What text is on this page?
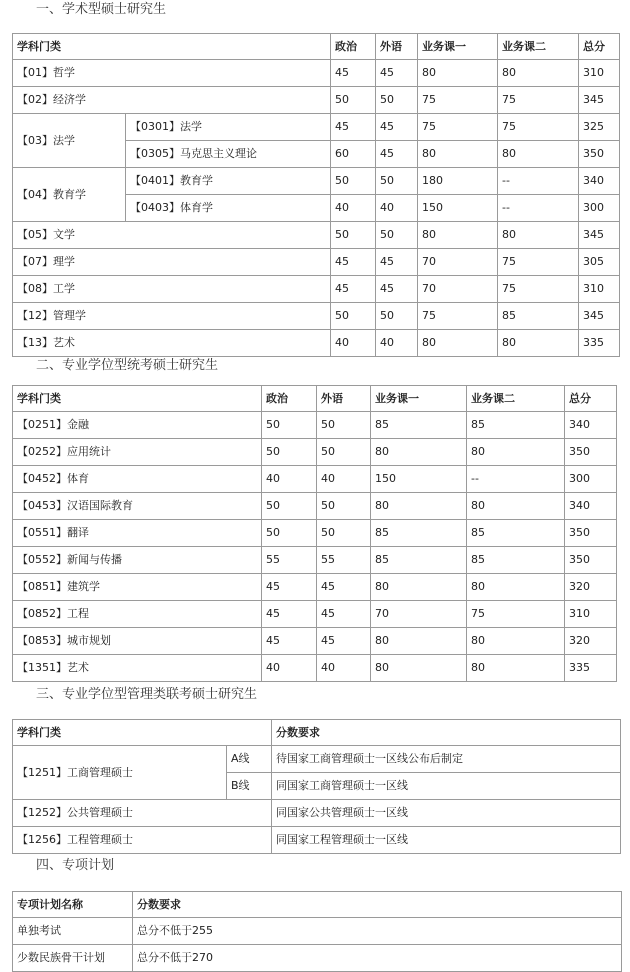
一、学术型硕士研究生
学科门类		政治	外语	业务课一	业务课二	总分
【01】哲学		45	45	80	80	310
【02】经济学		50	50	75	75	345
【03】法学	【0301】法学	45	45	75	75	325
	【0305】马克思主义理论	60	45	80	80	350
【04】教育学	【0401】教育学	50	50	180	--	340
	【0403】体育学	40	40	150	--	300
【05】文学		50	50	80	80	345
【07】理学		45	45	70	75	305
【08】工学		45	45	70	75	310
【12】管理学		50	50	75	85	345
【13】艺术		40	40	80	80	335
二、专业学位型统考硕士研究生
学科门类	政治	外语	业务课一	业务课二	总分
【0251】金融	50	50	85	85	340
【0252】应用统计	50	50	80	80	350
【0452】体育	40	40	150	--	300
【0453】汉语国际教育	50	50	80	80	340
【0551】翻译	50	50	85	85	350
【0552】新闻与传播	55	55	85	85	350
【0851】建筑学	45	45	80	80	320
【0852】工程	45	45	70	75	310
【0853】城市规划	45	45	80	80	320
【1351】艺术	40	40	80	80	335
三、专业学位型管理类联考硕士研究生
学科门类		分数要求
【1251】工商管理硕士	A线	待国家工商管理硕士一区线公布后制定
	B线	同国家工商管理硕士一区线
【1252】公共管理硕士		同国家公共管理硕士一区线
【1256】工程管理硕士		同国家工程管理硕士一区线
四、专项计划
专项计划名称	分数要求
单独考试	总分不低于255
少数民族骨干计划	总分不低于270
